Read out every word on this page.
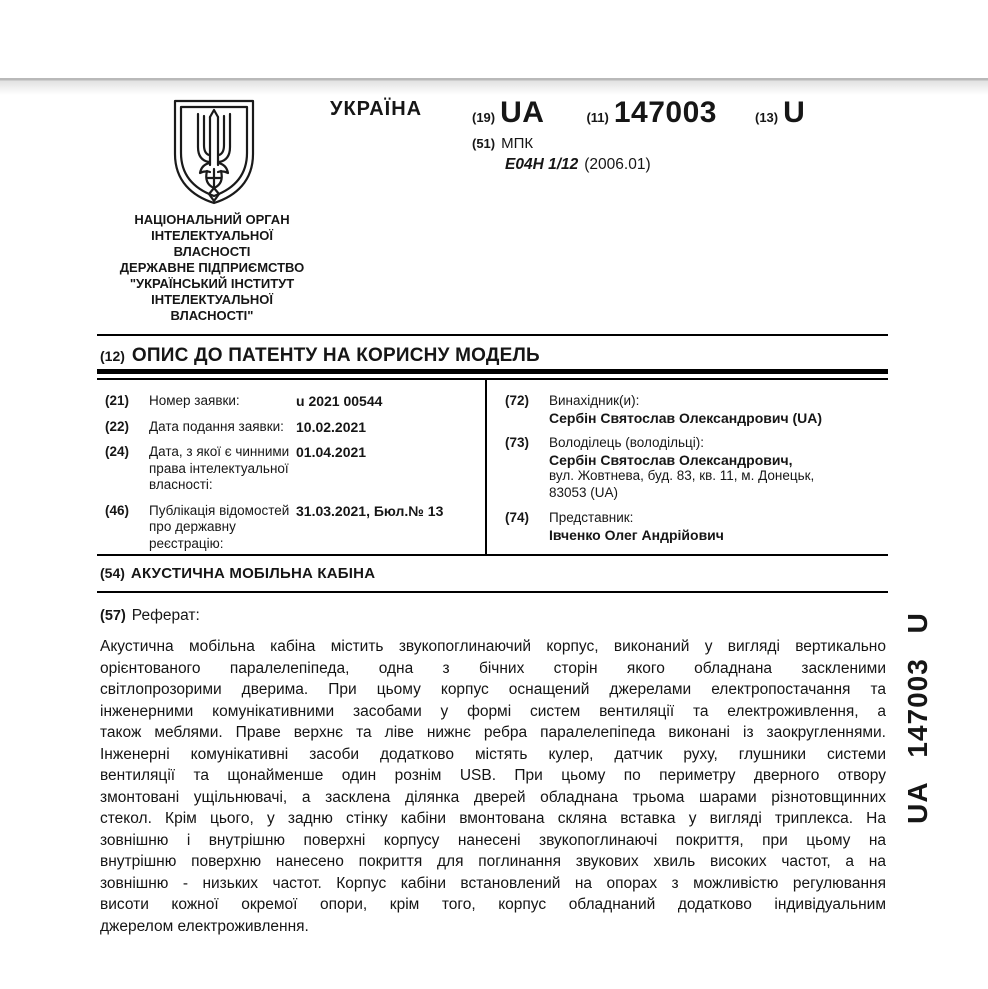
УКРАЇНА	(19) UA	(11) 147003	(13) U
(51) МПК
E04H 1/12 (2006.01)
НАЦІОНАЛЬНИЙ ОРГАН
ІНТЕЛЕКТУАЛЬНОЇ
ВЛАСНОСТІ
ДЕРЖАВНЕ ПІДПРИЄМСТВО
"УКРАЇНСЬКИЙ ІНСТИТУТ
ІНТЕЛЕКТУАЛЬНОЇ
ВЛАСНОСТІ"
(12) ОПИС ДО ПАТЕНТУ НА КОРИСНУ МОДЕЛЬ
(21)	Номер заявки:	u 2021 00544
(22)	Дата подання заявки: 10.02.2021
(24)	Дата, з якої є чинними права інтелектуальної власності:
01.04.2021
(46)	Публікація відомостей про державну реєстрацію:
31.03.2021, Бюл.№ 13
(72)	Винахідник(и):
Сербін Святослав Олександрович (UA)
(73)	Володілець (володільці):
Сербін Святослав Олександрович,
вул. Жовтнева, буд. 83, кв. 11, м. Донецьк,
83053 (UA)
(74)	Представник:
Івченко Олег Андрійович
(54) АКУСТИЧНА МОБІЛЬНА КАБІНА
(57) Реферат:
Акустична мобільна кабіна містить звукопоглинаючий корпус, виконаний у вигляді вертикально
орієнтованого паралелепіпеда, одна з бічних сторін якого обладнана заскленими
світлопрозорими дверима. При цьому корпус оснащений джерелами електропостачання та
інженерними комунікативними засобами у формі систем вентиляції та електроживлення, а
також меблями. Праве верхнє та ліве нижнє ребра паралелепіпеда виконані із заокругленнями.
Інженерні комунікативні засоби додатково містять кулер, датчик руху, глушники системи
вентиляції та щонайменше один рознім USB. При цьому по периметру дверного отвору
змонтовані ущільнювачі, а засклена ділянка дверей обладнана трьома шарами різнотовщинних
стекол. Крім цього, у задню стінку кабіни вмонтована скляна вставка у вигляді триплекса. На
зовнішню і внутрішню поверхні корпусу нанесені звукопоглинаючі покриття, при цьому на
внутрішню поверхню нанесено покриття для поглинання звукових хвиль високих частот, а на
зовнішню - низьких частот. Корпус кабіни встановлений на опорах з можливістю регулювання
висоти кожної окремої опори, крім того, корпус обладнаний додатково індивідуальним
джерелом електроживлення.
UA 147003 U
